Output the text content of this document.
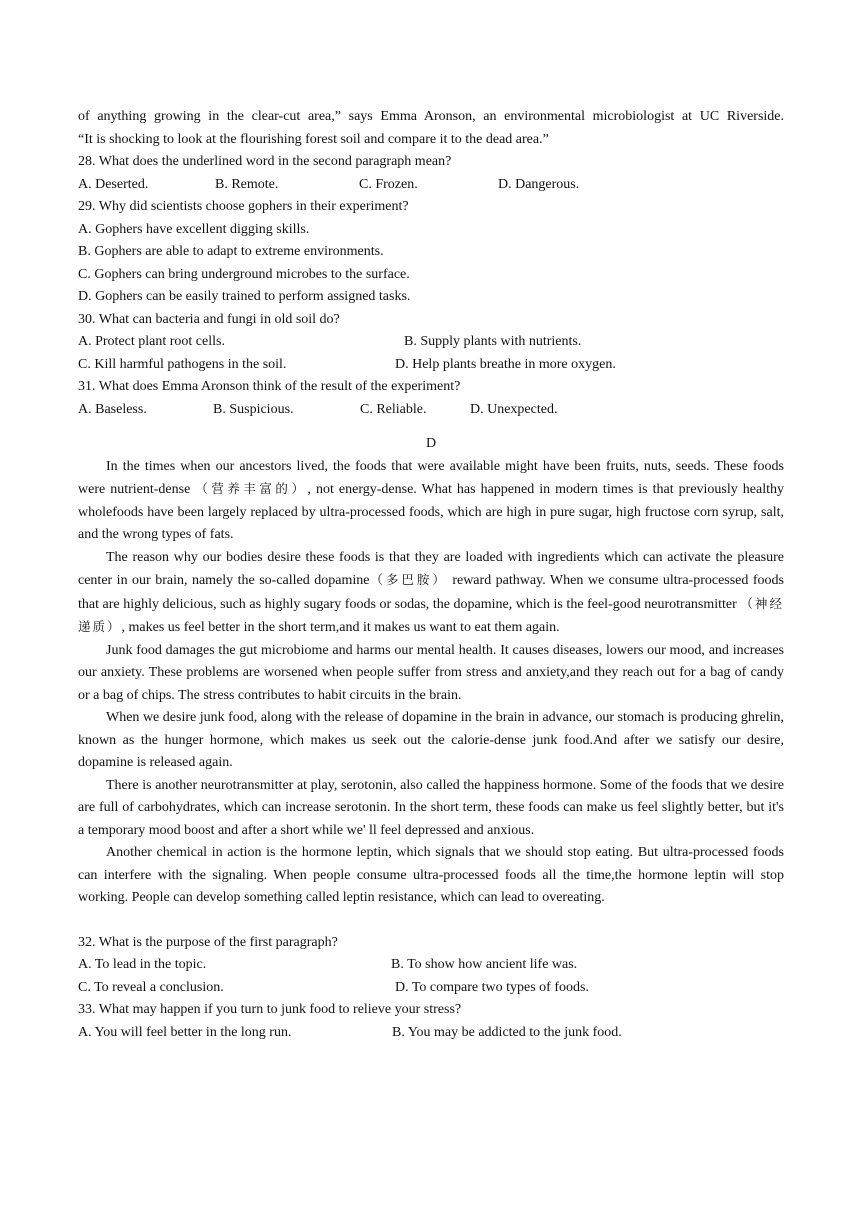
of anything growing in the clear-cut area,” says Emma Aronson, an environmental microbiologist at UC Riverside.

“It is shocking to look at the flourishing forest soil and compare it to the dead area.”

28. What does the underlined word in the second paragraph mean?

A. Deserted.	B. Remote.	C. Frozen.	D. Dangerous.

29. Why did scientists choose gophers in their experiment?

A. Gophers have excellent digging skills.

B. Gophers are able to adapt to extreme environments.

C. Gophers can bring underground microbes to the surface.

D. Gophers can be easily trained to perform assigned tasks.

30. What can bacteria and fungi in old soil do?

A. Protect plant root cells.	B. Supply plants with nutrients.
C. Kill harmful pathogens in the soil.	D. Help plants breathe in more oxygen.

31. What does Emma Aronson think of the result of the experiment?

A. Baseless.	B. Suspicious.	C. Reliable.	D. Unexpected.

D

In the times when our ancestors lived, the foods that were available might have been fruits, nuts, seeds. These foods were nutrient-dense （营养丰富的）, not energy-dense. What has happened in modern times is that previously healthy wholefoods have been largely replaced by ultra-processed foods, which are high in pure sugar, high fructose corn syrup, salt, and the wrong types of fats.

The reason why our bodies desire these foods is that they are loaded with ingredients which can activate the pleasure center in our brain, namely the so-called dopamine（多巴胺） reward pathway. When we consume ultra-processed foods that are highly delicious, such as highly sugary foods or sodas, the dopamine, which is the feel-good neurotransmitter （神经递质）, makes us feel better in the short term,and it makes us want to eat them again.

Junk food damages the gut microbiome and harms our mental health. It causes diseases, lowers our mood, and increases our anxiety. These problems are worsened when people suffer from stress and anxiety,and they reach out for a bag of candy or a bag of chips. The stress contributes to habit circuits in the brain.

When we desire junk food, along with the release of dopamine in the brain in advance, our stomach is producing ghrelin, known as the hunger hormone, which makes us seek out the calorie-dense junk food.And after we satisfy our desire, dopamine is released again.

There is another neurotransmitter at play, serotonin, also called the happiness hormone. Some of the foods that we desire are full of carbohydrates, which can increase serotonin. In the short term, these foods can make us feel slightly better, but it's a temporary mood boost and after a short while we' ll feel depressed and anxious.

Another chemical in action is the hormone leptin, which signals that we should stop eating. But ultra-processed foods can interfere with the signaling. When people consume ultra-processed foods all the time,the hormone leptin will stop working. People can develop something called leptin resistance, which can lead to overeating.

32. What is the purpose of the first paragraph?

A. To lead in the topic.	B. To show how ancient life was.
C. To reveal a conclusion.	D. To compare two types of foods.

33. What may happen if you turn to junk food to relieve your stress?

A. You will feel better in the long run.	B. You may be addicted to the junk food.
